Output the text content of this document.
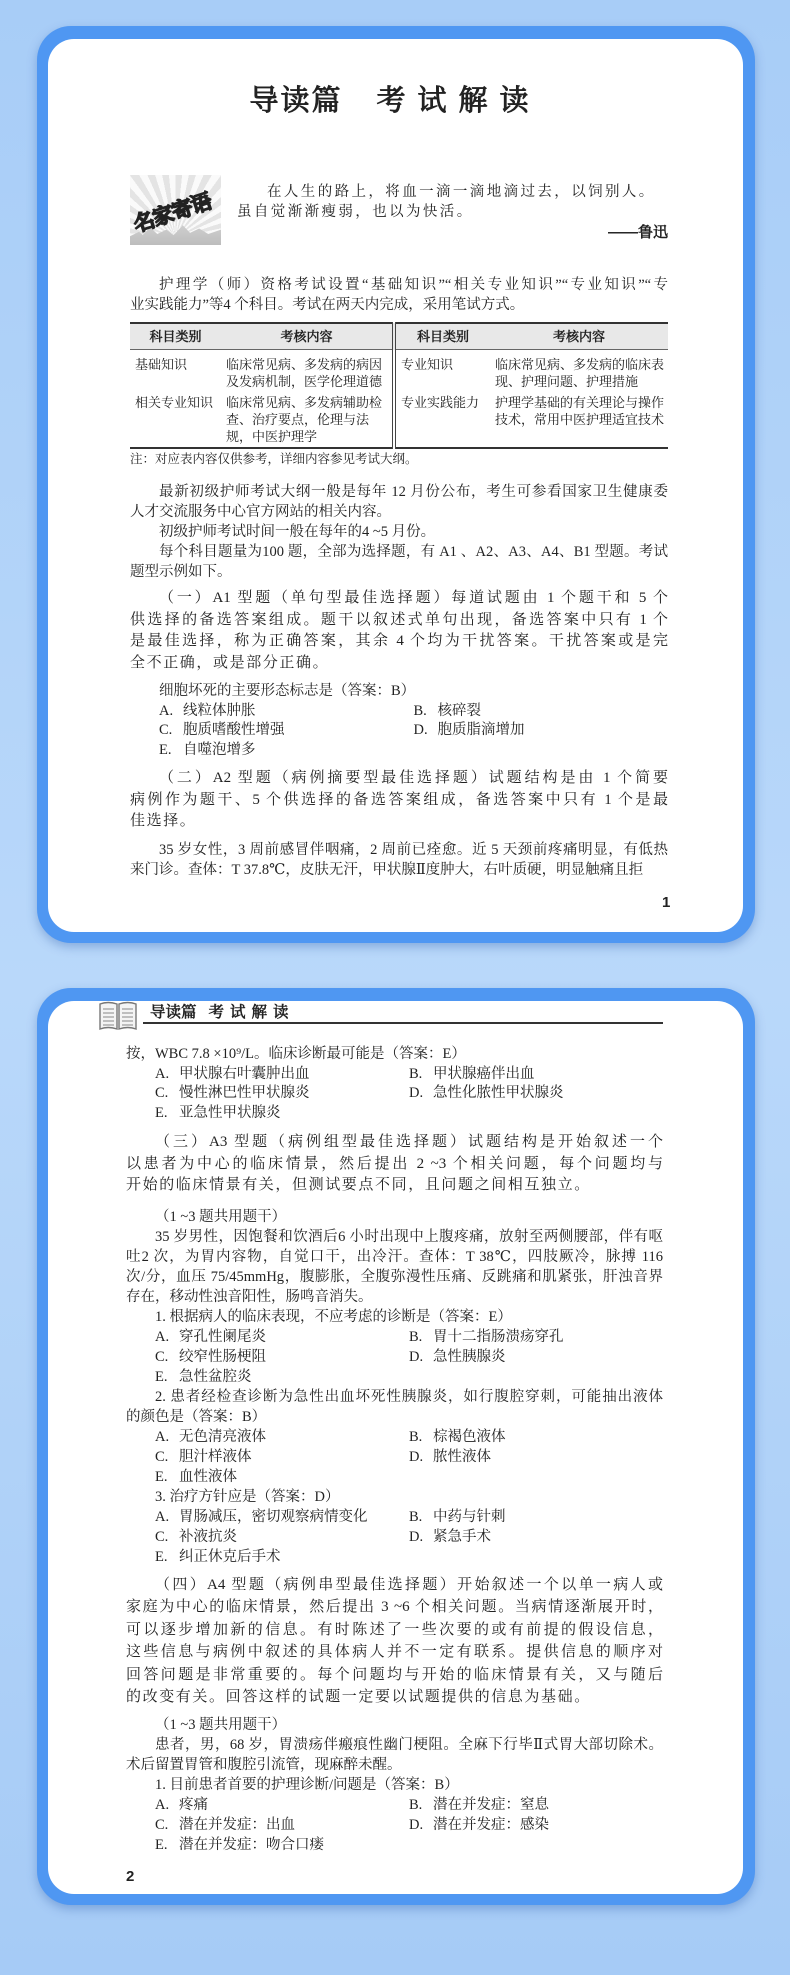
导读篇 考试解读
名家寄语	在人生的路上，将血一滴一滴地滴过去，以饲别人。
虽自觉渐渐瘦弱，也以为快活。
——鲁迅
护理学（师）资格考试设置“基础知识”“相关专业知识”“专业知识”“专
业实践能力”等4 个科目。考试在两天内完成，采用笔试方式。
科目类别	考核内容	科目类别	考核内容
基础知识	临床常见病、多发病的病因及发病机制，医学伦理道德	专业知识	临床常见病、多发病的临床表现、护理问题、护理措施
相关专业知识	临床常见病、多发病辅助检查、治疗要点，伦理与法规，中医护理学	专业实践能力	护理学基础的有关理论与操作技术，常用中医护理适宜技术
注：对应表内容仅供参考，详细内容参见考试大纲。
最新初级护师考试大纲一般是每年 12 月份公布，考生可参看国家卫生健康委
人才交流服务中心官方网站的相关内容。
初级护师考试时间一般在每年的4 ~5 月份。
每个科目题量为100 题，全部为选择题，有 A1 、A2、A3、A4、B1 型题。考试
题型示例如下。
（一）A1 型题（单句型最佳选择题）每道试题由 1 个题干和 5 个
供选择的备选答案组成。题干以叙述式单句出现，备选答案中只有 1 个
是最佳选择，称为正确答案，其余 4 个均为干扰答案。干扰答案或是完
全不正确，或是部分正确。
细胞坏死的主要形态标志是（答案：B）
A. 线粒体肿胀	B. 核碎裂
C. 胞质嗜酸性增强	D. 胞质脂滴增加
E. 自噬泡增多
（二）A2 型题（病例摘要型最佳选择题）试题结构是由 1 个简要
病例作为题干、5 个供选择的备选答案组成，备选答案中只有 1 个是最
佳选择。
35 岁女性，3 周前感冒伴咽痛，2 周前已痊愈。近 5 天颈前疼痛明显，有低热
来门诊。查体：T 37.8℃，皮肤无汗，甲状腺Ⅱ度肿大，右叶质硬，明显触痛且拒
1
导读篇 考试解读
按，WBC 7.8 ×10⁹/L。临床诊断最可能是（答案：E）
A. 甲状腺右叶囊肿出血	B. 甲状腺癌伴出血
C. 慢性淋巴性甲状腺炎	D. 急性化脓性甲状腺炎
E. 亚急性甲状腺炎
（三）A3 型题（病例组型最佳选择题）试题结构是开始叙述一个
以患者为中心的临床情景，然后提出 2 ~3 个相关问题，每个问题均与
开始的临床情景有关，但测试要点不同，且问题之间相互独立。
（1 ~3 题共用题干）
35 岁男性，因饱餐和饮酒后6 小时出现中上腹疼痛，放射至两侧腰部，伴有呕
吐2 次，为胃内容物，自觉口干，出冷汗。查体：T 38℃，四肢厥冷，脉搏 116
次/分，血压 75/45mmHg，腹膨胀，全腹弥漫性压痛、反跳痛和肌紧张，肝浊音界
存在，移动性浊音阳性，肠鸣音消失。
1. 根据病人的临床表现，不应考虑的诊断是（答案：E）
A. 穿孔性阑尾炎	B. 胃十二指肠溃疡穿孔
C. 绞窄性肠梗阻	D. 急性胰腺炎
E. 急性盆腔炎
2. 患者经检查诊断为急性出血坏死性胰腺炎，如行腹腔穿刺，可能抽出液体
的颜色是（答案：B）
A. 无色清亮液体	B. 棕褐色液体
C. 胆汁样液体	D. 脓性液体
E. 血性液体
3. 治疗方针应是（答案：D）
A. 胃肠减压，密切观察病情变化	B. 中药与针刺
C. 补液抗炎	D. 紧急手术
E. 纠正休克后手术
（四）A4 型题（病例串型最佳选择题）开始叙述一个以单一病人或
家庭为中心的临床情景，然后提出 3 ~6 个相关问题。当病情逐渐展开时，
可以逐步增加新的信息。有时陈述了一些次要的或有前提的假设信息，
这些信息与病例中叙述的具体病人并不一定有联系。提供信息的顺序对
回答问题是非常重要的。每个问题均与开始的临床情景有关，又与随后
的改变有关。回答这样的试题一定要以试题提供的信息为基础。
（1 ~3 题共用题干）
患者，男，68 岁，胃溃疡伴瘢痕性幽门梗阻。全麻下行毕Ⅱ式胃大部切除术。
术后留置胃管和腹腔引流管，现麻醉未醒。
1. 目前患者首要的护理诊断/问题是（答案：B）
A. 疼痛	B. 潜在并发症：窒息
C. 潜在并发症：出血	D. 潜在并发症：感染
E. 潜在并发症：吻合口瘘
2
